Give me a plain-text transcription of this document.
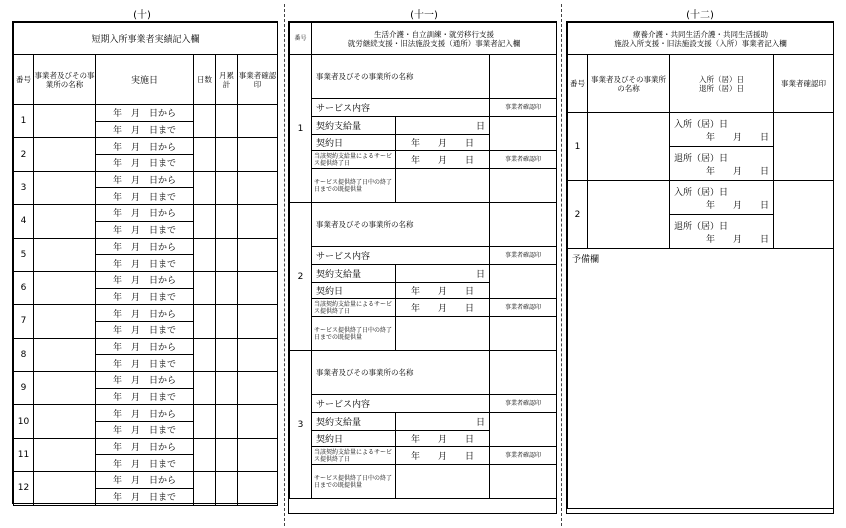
(十)	(十一)	(十二)
短期入所事業者実績記入欄					
番号	事業者及びその事業所の名称	実施日	日数	月累計	事業者確認印
1		年　月　日から			
		年　月　日まで			
2		年　月　日から			
		年　月　日まで			
3		年　月　日から			
		年　月　日まで			
4		年　月　日から			
		年　月　日まで			
5		年　月　日から			
		年　月　日まで			
6		年　月　日から			
		年　月　日まで			
7		年　月　日から			
		年　月　日まで			
8		年　月　日から			
		年　月　日まで			
9		年　月　日から			
		年　月　日まで			
10		年　月　日から			
		年　月　日まで			
11		年　月　日から			
		年　月　日まで			
12		年　月　日から			
		年　月　日まで			
番号	生活介護・自立訓練・就労移行支援
就労継続支援・旧法施設支援（通所）事業者記入欄		

1	事業者及びその事業所の名称		
	サービス内容		事業者確認印
	契約支給量	日	
	契約日	年　　月　　日	
	当該契約支給量によるサービス提供終了日	年　　月　　日	事業者確認印
	サービス提供終了日中の終了日までの既提供量		
2	事業者及びその事業所の名称		
	サービス内容		事業者確認印
	契約支給量	日	
	契約日	年　　月　　日	
	当該契約支給量によるサービス提供終了日	年　　月　　日	事業者確認印
	サービス提供終了日中の終了日までの既提供量		
3	事業者及びその事業所の名称		
	サービス内容		事業者確認印
	契約支給量	日	
	契約日	年　　月　　日	
	当該契約支給量によるサービス提供終了日	年　　月　　日	事業者確認印
	サービス提供終了日中の終了日までの既提供量		
療養介護・共同生活介護・共同生活援助
施設入所支援・旧法施設支援（入所）事業者記入欄			

番号	事業者及びその事業所の名称	入所（居）日
退所（居）日	事業者確認印
1		入所（居）日
年　　月　　日	

		退所（居）日
年　　月　　日	

2		入所（居）日
年　　月　　日	

		退所（居）日
年　　月　　日	

予備欄			
